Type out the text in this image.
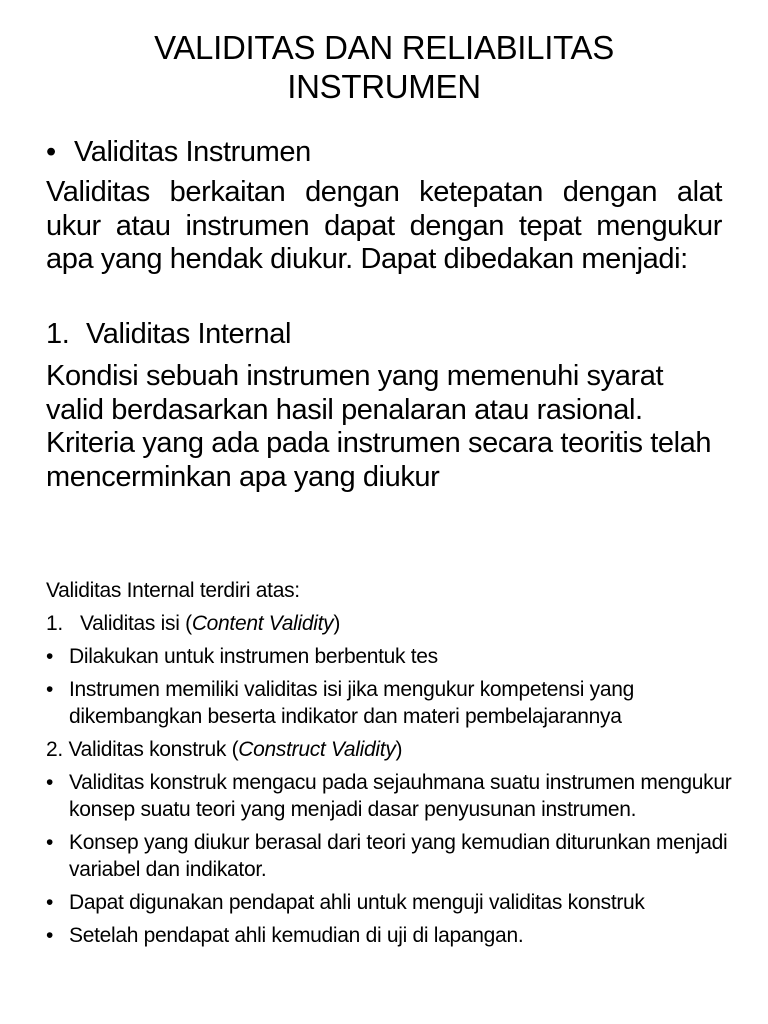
VALIDITAS DAN RELIABILITAS
INSTRUMEN
• Validitas Instrumen
Validitas berkaitan dengan ketepatan dengan alat ukur atau instrumen dapat dengan tepat mengukur apa yang hendak diukur. Dapat dibedakan menjadi:
1. Validitas Internal
Kondisi sebuah instrumen yang memenuhi syarat valid berdasarkan hasil penalaran atau rasional. Kriteria yang ada pada instrumen secara teoritis telah mencerminkan apa yang diukur
Validitas Internal terdiri atas:
1. Validitas isi (Content Validity)
• Dilakukan untuk instrumen berbentuk tes
• Instrumen memiliki validitas isi jika mengukur kompetensi yang dikembangkan beserta indikator dan materi pembelajarannya
2. Validitas konstruk (Construct Validity)
• Validitas konstruk mengacu pada sejauhmana suatu instrumen mengukur konsep suatu teori yang menjadi dasar penyusunan instrumen.
• Konsep yang diukur berasal dari teori yang kemudian diturunkan menjadi variabel dan indikator.
• Dapat digunakan pendapat ahli untuk menguji validitas konstruk
• Setelah pendapat ahli kemudian di uji di lapangan.
